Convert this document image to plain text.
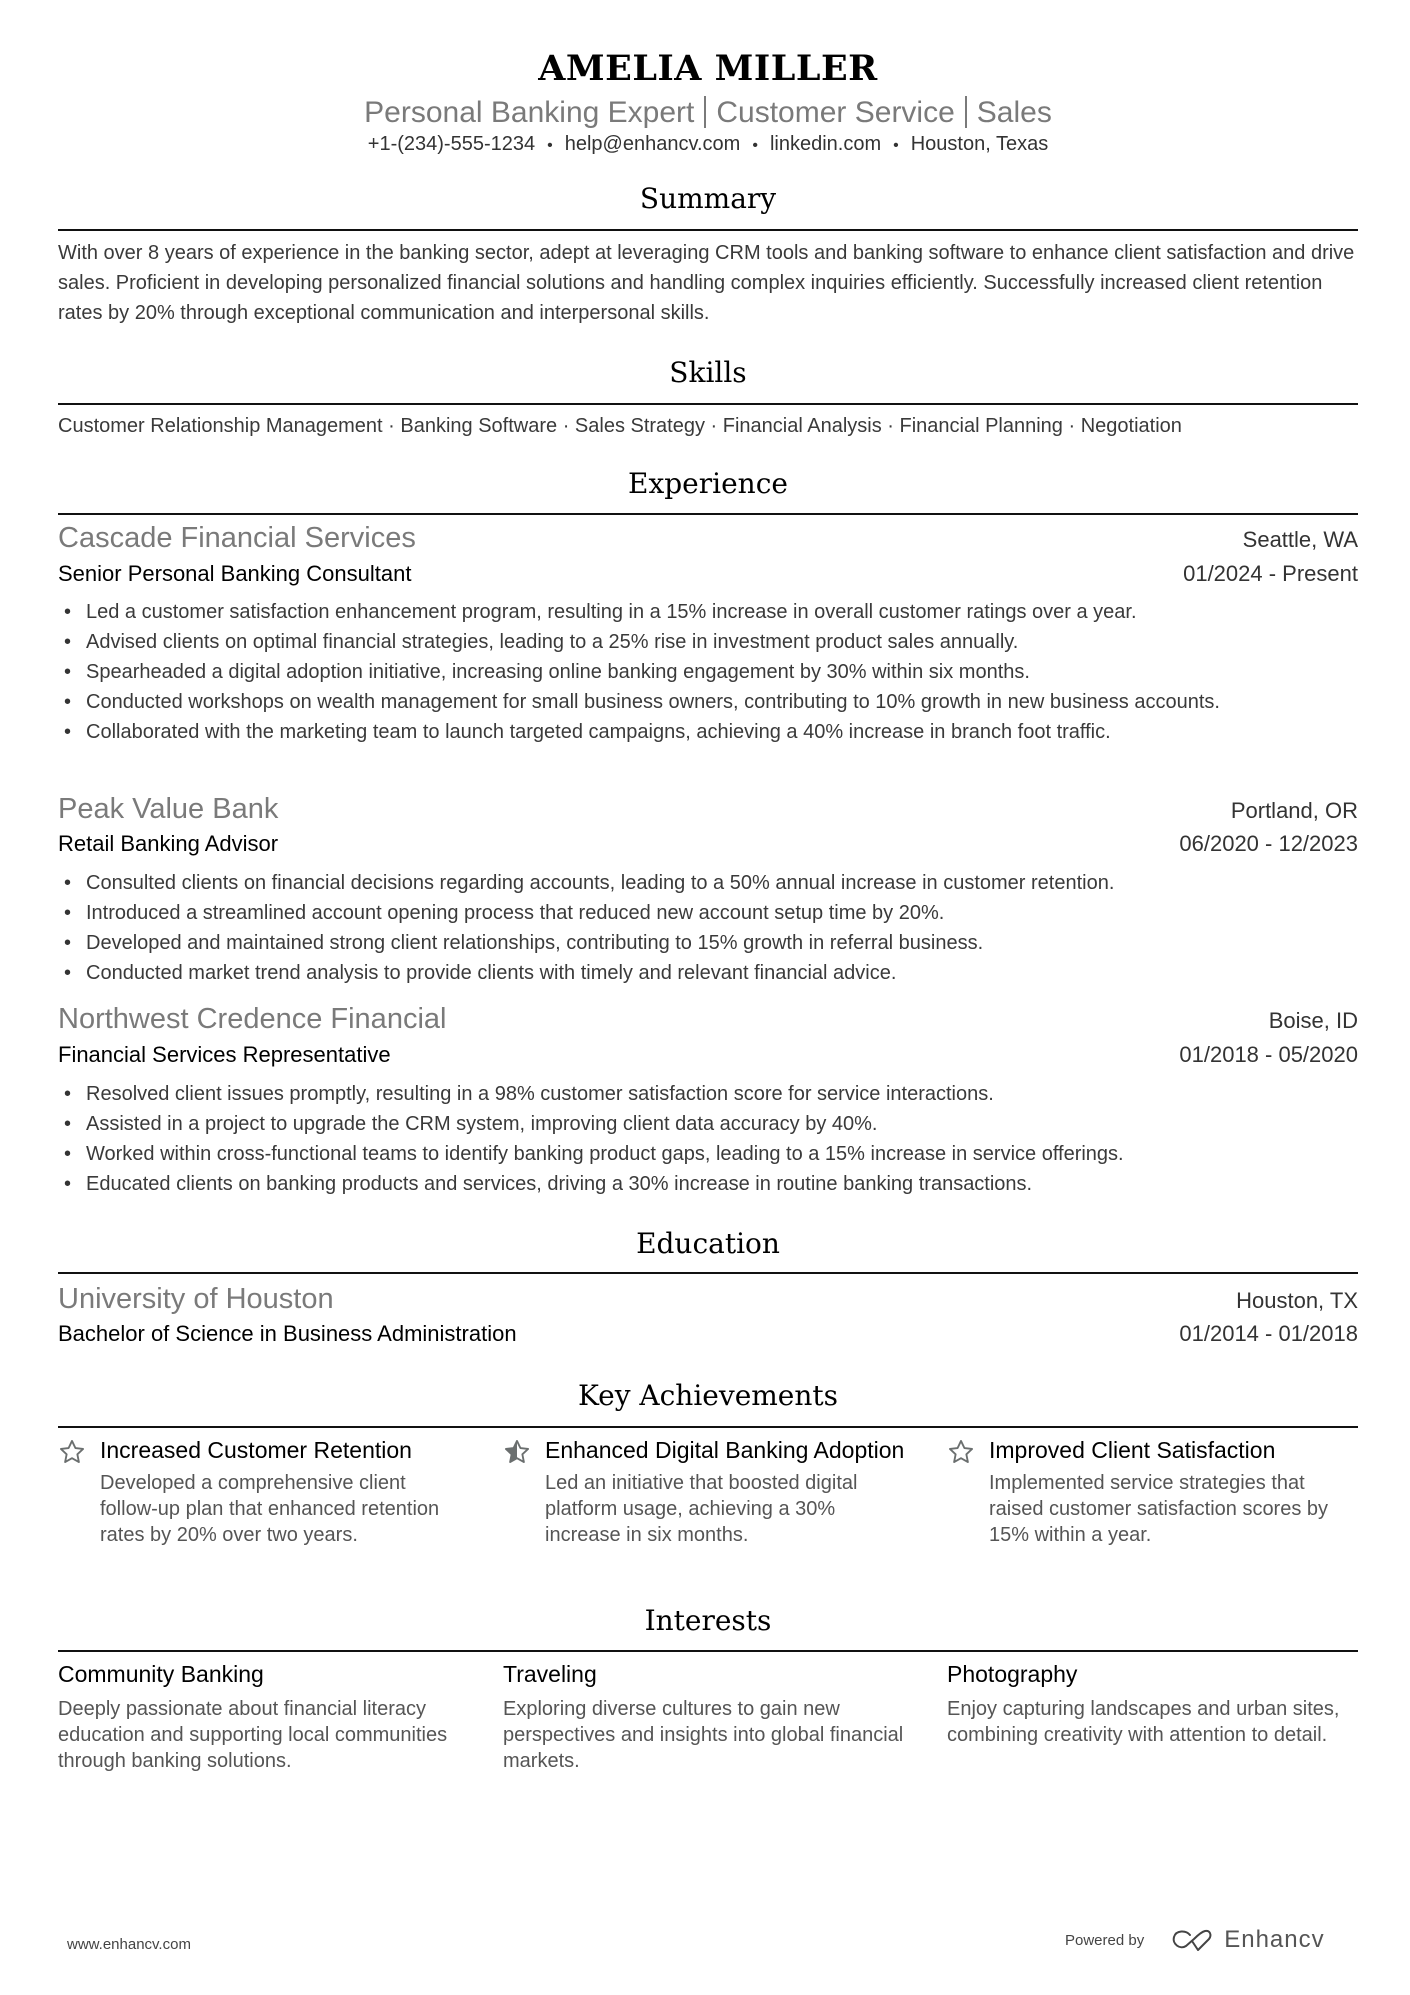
AMELIA MILLER
Personal Banking Expert Customer Service Sales
+1-(234)-555-1234 • help@enhancv.com • linkedin.com • Houston, Texas
Summary
With over 8 years of experience in the banking sector, adept at leveraging CRM tools and banking software to enhance client satisfaction and drive sales. Proficient in developing personalized financial solutions and handling complex inquiries efficiently. Successfully increased client retention rates by 20% through exceptional communication and interpersonal skills.
Skills
Customer Relationship Management · Banking Software · Sales Strategy · Financial Analysis · Financial Planning · Negotiation
Experience
Cascade Financial Services	Seattle, WA
Senior Personal Banking Consultant	01/2024 - Present
• Led a customer satisfaction enhancement program, resulting in a 15% increase in overall customer ratings over a year.
• Advised clients on optimal financial strategies, leading to a 25% rise in investment product sales annually.
• Spearheaded a digital adoption initiative, increasing online banking engagement by 30% within six months.
• Conducted workshops on wealth management for small business owners, contributing to 10% growth in new business accounts.
• Collaborated with the marketing team to launch targeted campaigns, achieving a 40% increase in branch foot traffic.
Peak Value Bank	Portland, OR
Retail Banking Advisor	06/2020 - 12/2023
• Consulted clients on financial decisions regarding accounts, leading to a 50% annual increase in customer retention.
• Introduced a streamlined account opening process that reduced new account setup time by 20%.
• Developed and maintained strong client relationships, contributing to 15% growth in referral business.
• Conducted market trend analysis to provide clients with timely and relevant financial advice.
Northwest Credence Financial	Boise, ID
Financial Services Representative	01/2018 - 05/2020
• Resolved client issues promptly, resulting in a 98% customer satisfaction score for service interactions.
• Assisted in a project to upgrade the CRM system, improving client data accuracy by 40%.
• Worked within cross-functional teams to identify banking product gaps, leading to a 15% increase in service offerings.
• Educated clients on banking products and services, driving a 30% increase in routine banking transactions.
Education
University of Houston	Houston, TX
Bachelor of Science in Business Administration	01/2014 - 01/2018
Key Achievements
Increased Customer Retention
Developed a comprehensive client follow-up plan that enhanced retention rates by 20% over two years.
Enhanced Digital Banking Adoption
Led an initiative that boosted digital platform usage, achieving a 30% increase in six months.
Improved Client Satisfaction
Implemented service strategies that raised customer satisfaction scores by 15% within a year.
Interests
Community Banking
Deeply passionate about financial literacy education and supporting local communities through banking solutions.
Traveling
Exploring diverse cultures to gain new perspectives and insights into global financial markets.
Photography
Enjoy capturing landscapes and urban sites, combining creativity with attention to detail.
www.enhancv.com	Powered by	Enhancv
